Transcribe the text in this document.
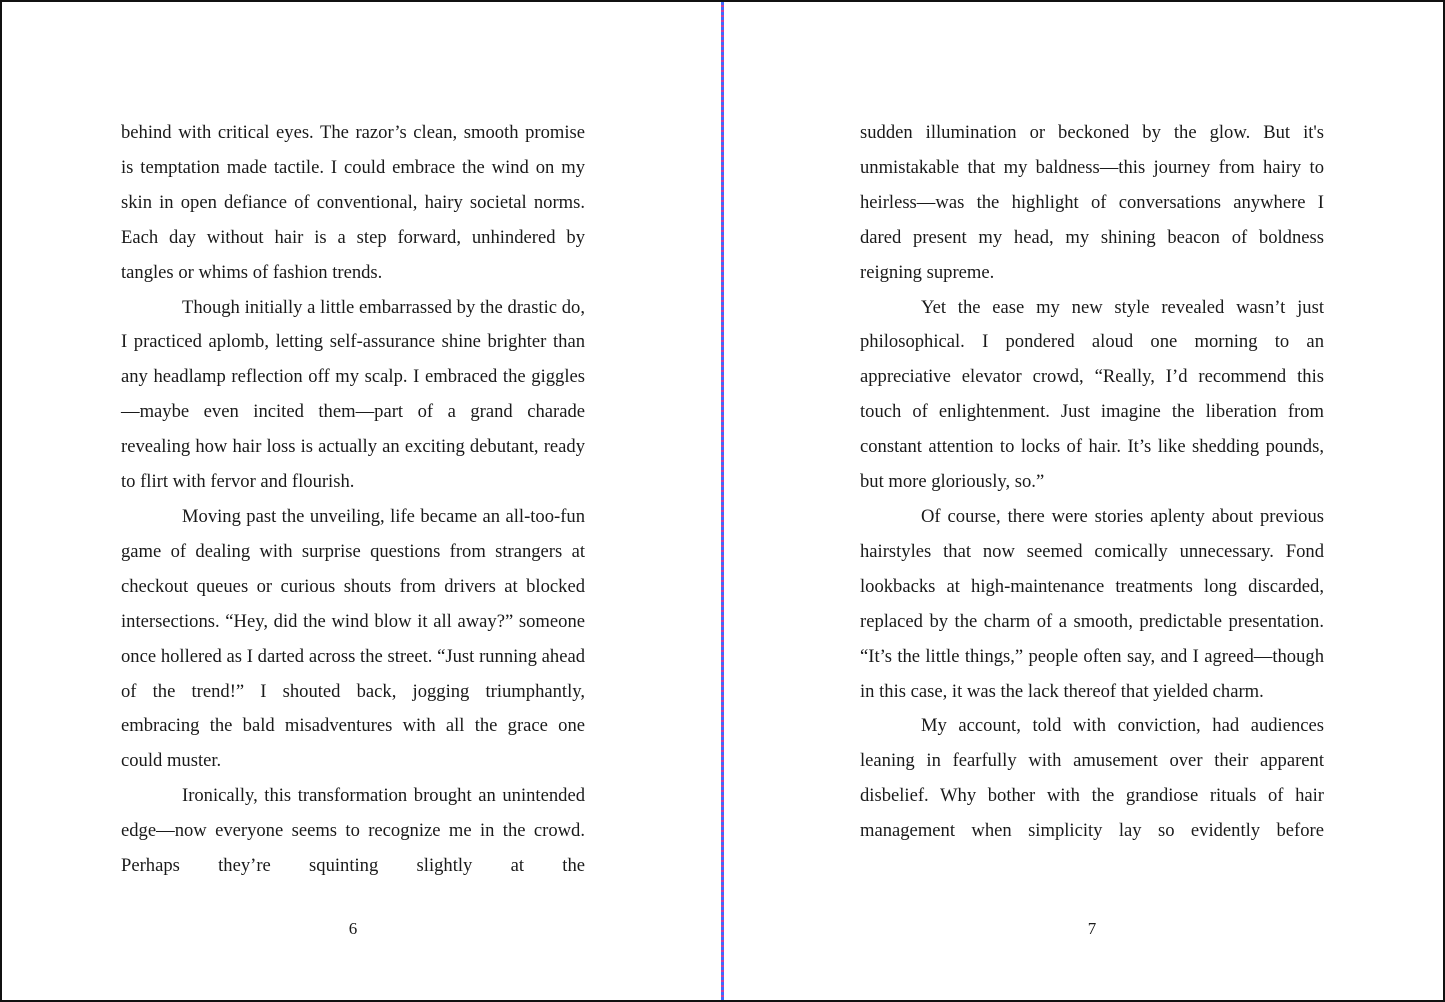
behind with critical eyes. The razor’s clean, smooth promise is temptation made tactile. I could embrace the wind on my skin in open defiance of conventional, hairy societal norms. Each day without hair is a step forward, unhindered by tangles or whims of fashion trends.

Though initially a little embarrassed by the drastic do, I practiced aplomb, letting self-assurance shine brighter than any headlamp reflection off my scalp. I embraced the giggles—maybe even incited them—part of a grand charade revealing how hair loss is actually an exciting debutant, ready to flirt with fervor and flourish.

Moving past the unveiling, life became an all-too-fun game of dealing with surprise questions from strangers at checkout queues or curious shouts from drivers at blocked intersections. “Hey, did the wind blow it all away?” someone once hollered as I darted across the street. “Just running ahead of the trend!” I shouted back, jogging triumphantly, embracing the bald misadventures with all the grace one could muster.

Ironically, this transformation brought an unintended edge—now everyone seems to recognize me in the crowd. Perhaps they’re squinting slightly at the

6

sudden illumination or beckoned by the glow. But it's unmistakable that my baldness—this journey from hairy to heirless—was the highlight of conversations anywhere I dared present my head, my shining beacon of boldness reigning supreme.

Yet the ease my new style revealed wasn’t just philosophical. I pondered aloud one morning to an appreciative elevator crowd, “Really, I’d recommend this touch of enlightenment. Just imagine the liberation from constant attention to locks of hair. It’s like shedding pounds, but more gloriously, so.”

Of course, there were stories aplenty about previous hairstyles that now seemed comically unnecessary. Fond lookbacks at high-maintenance treatments long discarded, replaced by the charm of a smooth, predictable presentation. “It’s the little things,” people often say, and I agreed—though in this case, it was the lack thereof that yielded charm.

My account, told with conviction, had audiences leaning in fearfully with amusement over their apparent disbelief. Why bother with the grandiose rituals of hair management when simplicity lay so evidently before

7
